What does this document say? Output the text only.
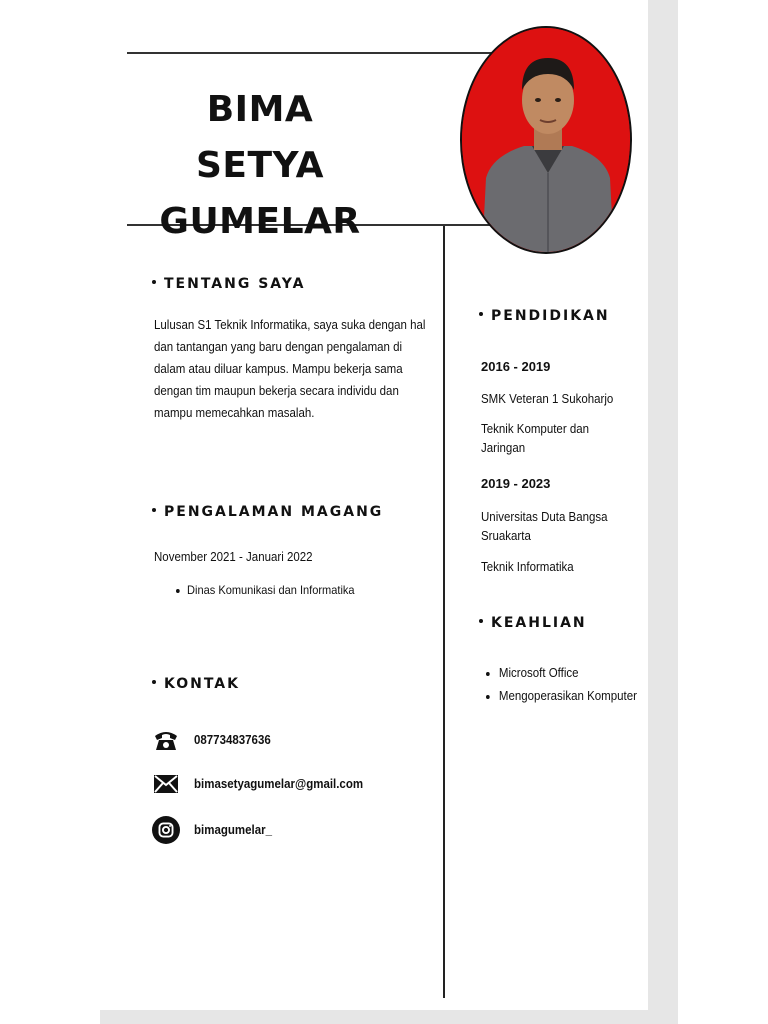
BIMA SETYA
GUMELAR
TENTANG SAYA
Lulusan S1 Teknik Informatika, saya suka dengan hal dan tantangan yang baru dengan pengalaman di dalam atau diluar kampus. Mampu bekerja sama dengan tim maupun bekerja secara individu dan mampu memecahkan masalah.
PENGALAMAN MAGANG
November 2021 - Januari 2022
Dinas Komunikasi dan Informatika
KONTAK
087734837636
bimasetyagumelar@gmail.com
bimagumelar_
PENDIDIKAN
2016 - 2019
SMK Veteran 1 Sukoharjo
Teknik Komputer dan Jaringan
2019 - 2023
Universitas Duta Bangsa Sruakarta
Teknik Informatika
KEAHLIAN
Microsoft Office
Mengoperasikan Komputer
